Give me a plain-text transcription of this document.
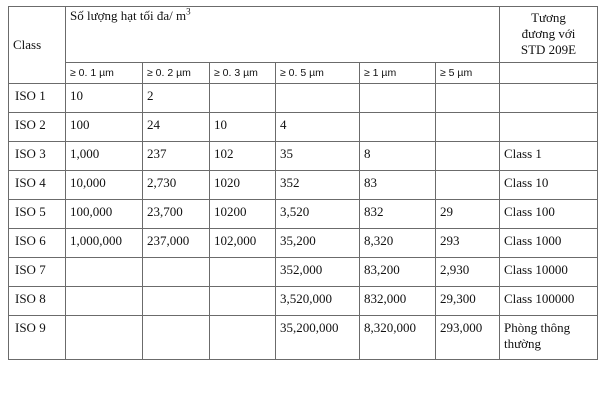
Class	Số lượng hạt tối đa/ $m^3$						Tương
đương với
STD 209E

	≥ 0. 1 µm	≥ 0. 2 µm	≥ 0. 3 µm	≥ 0. 5 µm	≥ 1 µm	≥ 5 µm	
ISO 1	10	2					
ISO 2	100	24	10	4			
ISO 3	1,000	237	102	35	8		Class 1
ISO 4	10,000	2,730	1020	352	83		Class 10
ISO 5	100,000	23,700	10200	3,520	832	29	Class 100
ISO 6	1,000,000	237,000	102,000	35,200	8,320	293	Class 1000
ISO 7				352,000	83,200	2,930	Class 10000
ISO 8				3,520,000	832,000	29,300	Class 100000
ISO 9				35,200,000	8,320,000	293,000	Phòng thông thường
